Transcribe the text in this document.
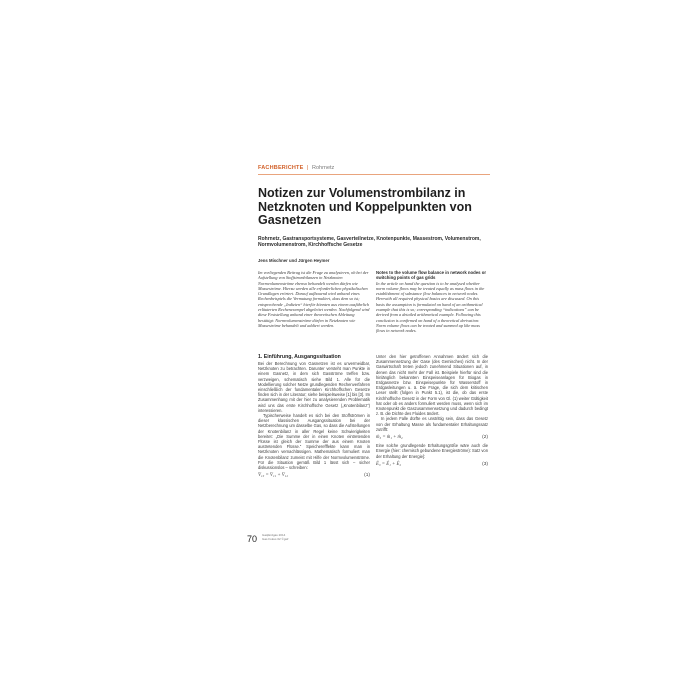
FACHBERICHTE | Rohrnetz
Notizen zur Volumenstrombilanz in Netzknoten und Koppelpunkten von Gasnetzen
Rohrnetz, Gastransportsysteme, Gasverteilnetze, Knotenpunkte, Massestrom, Volumenstrom, Normvolumenstrom, Kirchhoffsche Gesetze
Jens Mischner und Jürgen Heymer
Im vorliegenden Beitrag ist die Frage zu analysieren, ob bei der Aufstellung von Stoffstrombilanzen in Netzknoten Normvolumenströme ebenso behandelt werden dürfen wie Masseströme. Hierzu werden alle erforderlichen physikalischen Grundlagen erörtert. Darauf aufbauend wird anhand eines Rechenbeispiels die Vermutung formuliert, dass dem so ist; entsprechende „Indizien“ hierfür könnten aus einem ausführlich erläuterten Rechenexempel abgeleitet werden. Nachfolgend wird diese Feststellung anhand einer theoretischen Ableitung bestätigt: Normvolumenströme dürfen in Netzknoten wie Masseströme behandelt und addiert werden.
Notes to the volume flow balance in network nodes or switching points of gas grids
In the article on hand the question is to be analysed whether norm volume flows may be treated equally as mass flows in the establishment of substance flow balances in network nodes. Herewith all required physical basics are discussed. On this basis the assumption is formulated on hand of an arithmetical example that this is so; corresponding “indications” can be derived from a detailed arithmetical example. Following this conclusion is confirmed on hand of a theoretical derivation: Norm volume flows can be treated and summed up like mass flows in network nodes.
1. Einführung, Ausgangssituation

Bei der Berechnung von Gasnetzen ist es unvermeidbar, Netzknoten zu betrachten. Darunter versteht man Punkte in einem Gasnetz, in dem sich Gasströme treffen bzw. verzweigen, schematisch siehe Bild 1. Alle für die Modellierung solcher Netze grundlegenden Rechenverfahren einschließlich der fundamentalen Kirchhoffschen Gesetze finden sich in der Literatur; siehe beispielsweise [1] bis [3]. Im Zusammenhang mit der hier zu analysierenden Problematik wird uns das erste Kirchhoffsche Gesetz („Knotenbilanz“) interessieren.

Typischerweise handelt es sich bei den Stoffströmen in dieser klassischen Ausgangssituation bei der Netzberechnung um dasselbe Gas, so dass die Aufstellungen der Knotenbilanz in aller Regel keine Schwierigkeiten bereitet: „Die Summe der in einen Knoten eintretenden Flüsse ist gleich der Summe der aus einem Knoten austretenden Flüsse.“ Speicherefffekte kann man in Netzknoten vernachlässigen. Mathematisch formuliert man die Knotenbilanz zumeist mit Hilfe der Normvolumenströme. Für die Situation gemäß Bild 1 lässt sich – sicher diskussionslos – schreiben:

V̇₁₃ = V̇₁₁ + V̇₁₂	(1)

Unter den hier getroffenen Annahmen ändert sich die Zusammensetzung der Gase (des Gemisches) nicht. In der Gaswirtschaft treten jedoch zunehmend Situationen auf, in denen das nicht mehr der Fall ist. Beispiele hierfür sind die hinlänglich bekannten Einspeiseanlagen für Biogas in Erdgasnetze bzw. Einspeisepunkte für Wasserstoff in Erdgasleitungen u. ä. Die Frage, die sich dem kritischen Leser stellt (folgen in Punkt 5.1), ist die, ob das erste Kirchhoffsche Gesetz in der Form von Gl. (1) weiter Gültigkeit hat oder ob es anders formuliert werden muss, wenn sich im Knotenpunkt die Gaszusammensetzung und dadurch bedingt z. B. die Dichte des Fluides ändert.

In jedem Falle dürfte es unstrittig sein, dass das Gesetz von der Erhaltung Masse als fundamentaler Erhaltungssatz zutrifft:

ṁ₃ = ṁ₁ + ṁ₂	(2)

Eine solche grundlegende Erhaltungsgröße wäre auch die Energie (hier: chemisch gebundene Energieströme): Satz von der Erhaltung der Energie]:

Ė₃ = Ė₁ + Ė₂	(3)
70 Gas|Erdgas 2014
Gas Fokus 02 ©gwf
